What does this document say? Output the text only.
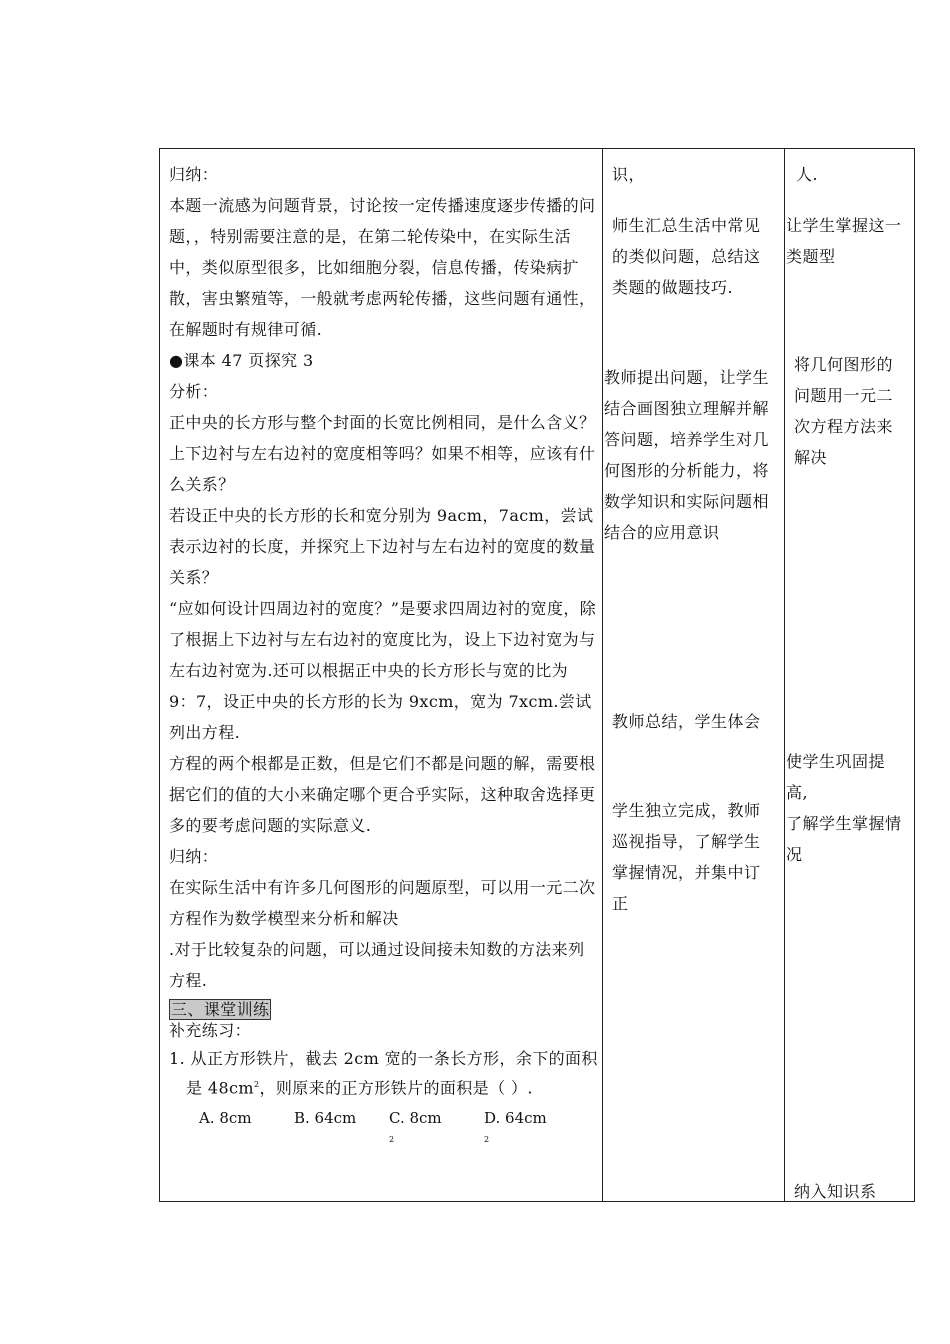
归纳：

本题一流感为问题背景，讨论按一定传播速度逐步传播的问题，，特别需要注意的是，在第二轮传染中，在实际生活中，类似原型很多，比如细胞分裂，信息传播，传染病扩散，害虫繁殖等，一般就考虑两轮传播，这些问题有通性，在解题时有规律可循.

●课本 47 页探究 3

分析：

正中央的长方形与整个封面的长宽比例相同，是什么含义？

上下边衬与左右边衬的宽度相等吗？如果不相等，应该有什么关系？

若设正中央的长方形的长和宽分别为 9acm，7acm，尝试表示边衬的长度，并探究上下边衬与左右边衬的宽度的数量关系？

“应如何设计四周边衬的宽度？”是要求四周边衬的宽度，除了根据上下边衬与左右边衬的宽度比为，设上下边衬宽为与左右边衬宽为.还可以根据正中央的长方形长与宽的比为 9：7，设正中央的长方形的长为 9xcm，宽为 7xcm.尝试列出方程.

方程的两个根都是正数，但是它们不都是问题的解，需要根据它们的值的大小来确定哪个更合乎实际，这种取舍选择更多的要考虑问题的实际意义.

归纳：

在实际生活中有许多几何图形的问题原型，可以用一元二次方程作为数学模型来分析和解决

.对于比较复杂的问题，可以通过设间接未知数的方法来列方程.

三、课堂训练

补充练习：

1. 从正方形铁片，截去 2cm 宽的一条长方形，余下的面积

是 $48cm^2$，则原来的正方形铁片的面积是（ ）.

A. 8cm	B. 64cm	C. $8cm^2$
D. $64cm^2$

识，

师生汇总生活中常见

的类似问题，总结这

类题的做题技巧.

教师提出问题，让学生

结合画图独立理解并解

答问题，培养学生对几

何图形的分析能力，将

数学知识和实际问题相

结合的应用意识

教师总结，学生体会

学生独立完成，教师

巡视指导，了解学生

掌握情况，并集中订

正

人.

让学生掌握这一

类题型

将几何图形的

问题用一元二

次方程方法来

解决

使学生巩固提

高,

了解学生掌握情

况

纳入知识系
